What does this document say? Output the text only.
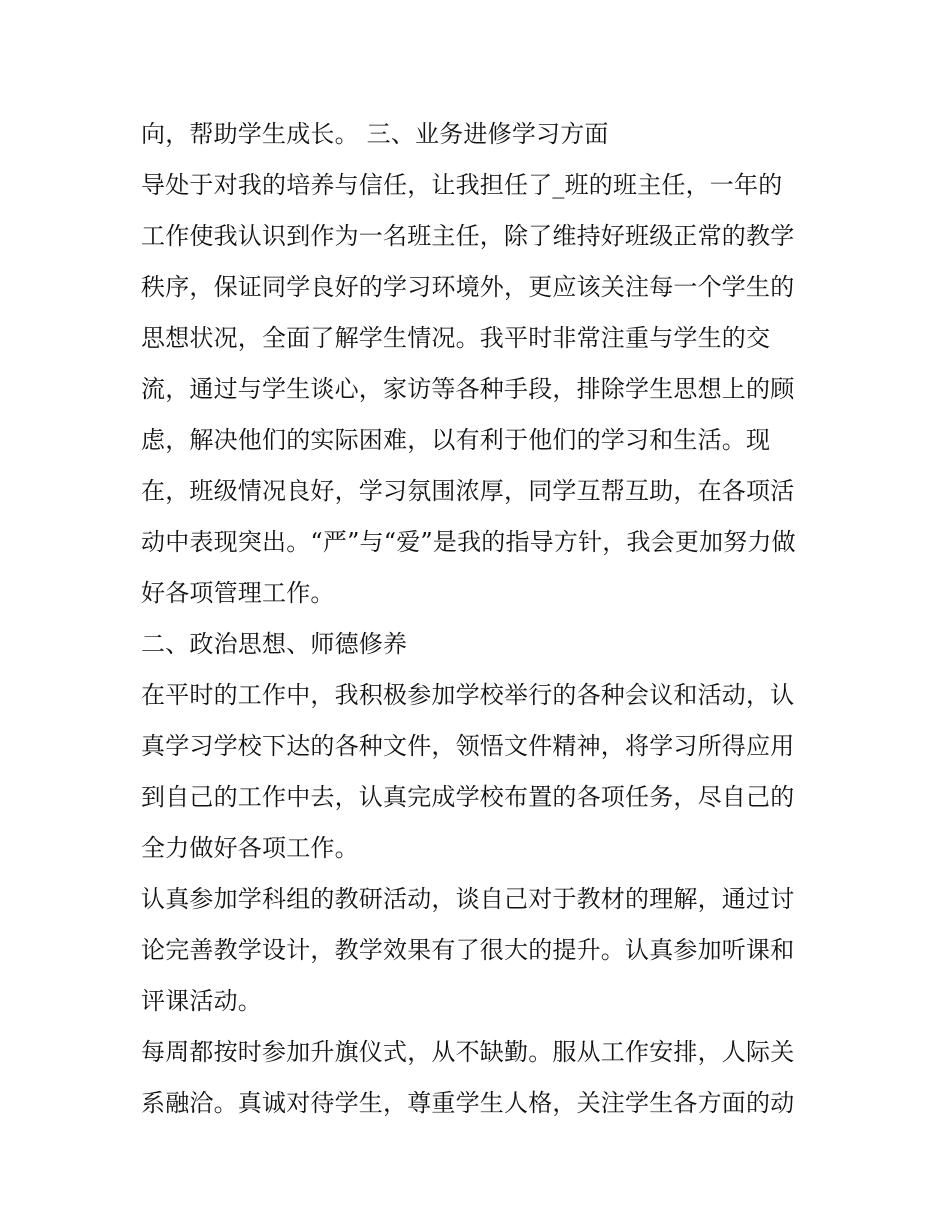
向，帮助学生成长。 三、业务进修学习方面
导处于对我的培养与信任，让我担任了_班的班主任，一年的
工作使我认识到作为一名班主任，除了维持好班级正常的教学
秩序，保证同学良好的学习环境外，更应该关注每一个学生的
思想状况，全面了解学生情况。我平时非常注重与学生的交
流，通过与学生谈心，家访等各种手段，排除学生思想上的顾
虑，解决他们的实际困难，以有利于他们的学习和生活。现
在，班级情况良好，学习氛围浓厚，同学互帮互助，在各项活
动中表现突出。“严”与“爱”是我的指导方针，我会更加努力做
好各项管理工作。
二、政治思想、师德修养
在平时的工作中，我积极参加学校举行的各种会议和活动，认
真学习学校下达的各种文件，领悟文件精神，将学习所得应用
到自己的工作中去，认真完成学校布置的各项任务，尽自己的
全力做好各项工作。
认真参加学科组的教研活动，谈自己对于教材的理解，通过讨
论完善教学设计，教学效果有了很大的提升。认真参加听课和
评课活动。
每周都按时参加升旗仪式，从不缺勤。服从工作安排，人际关
系融洽。真诚对待学生，尊重学生人格，关注学生各方面的动
